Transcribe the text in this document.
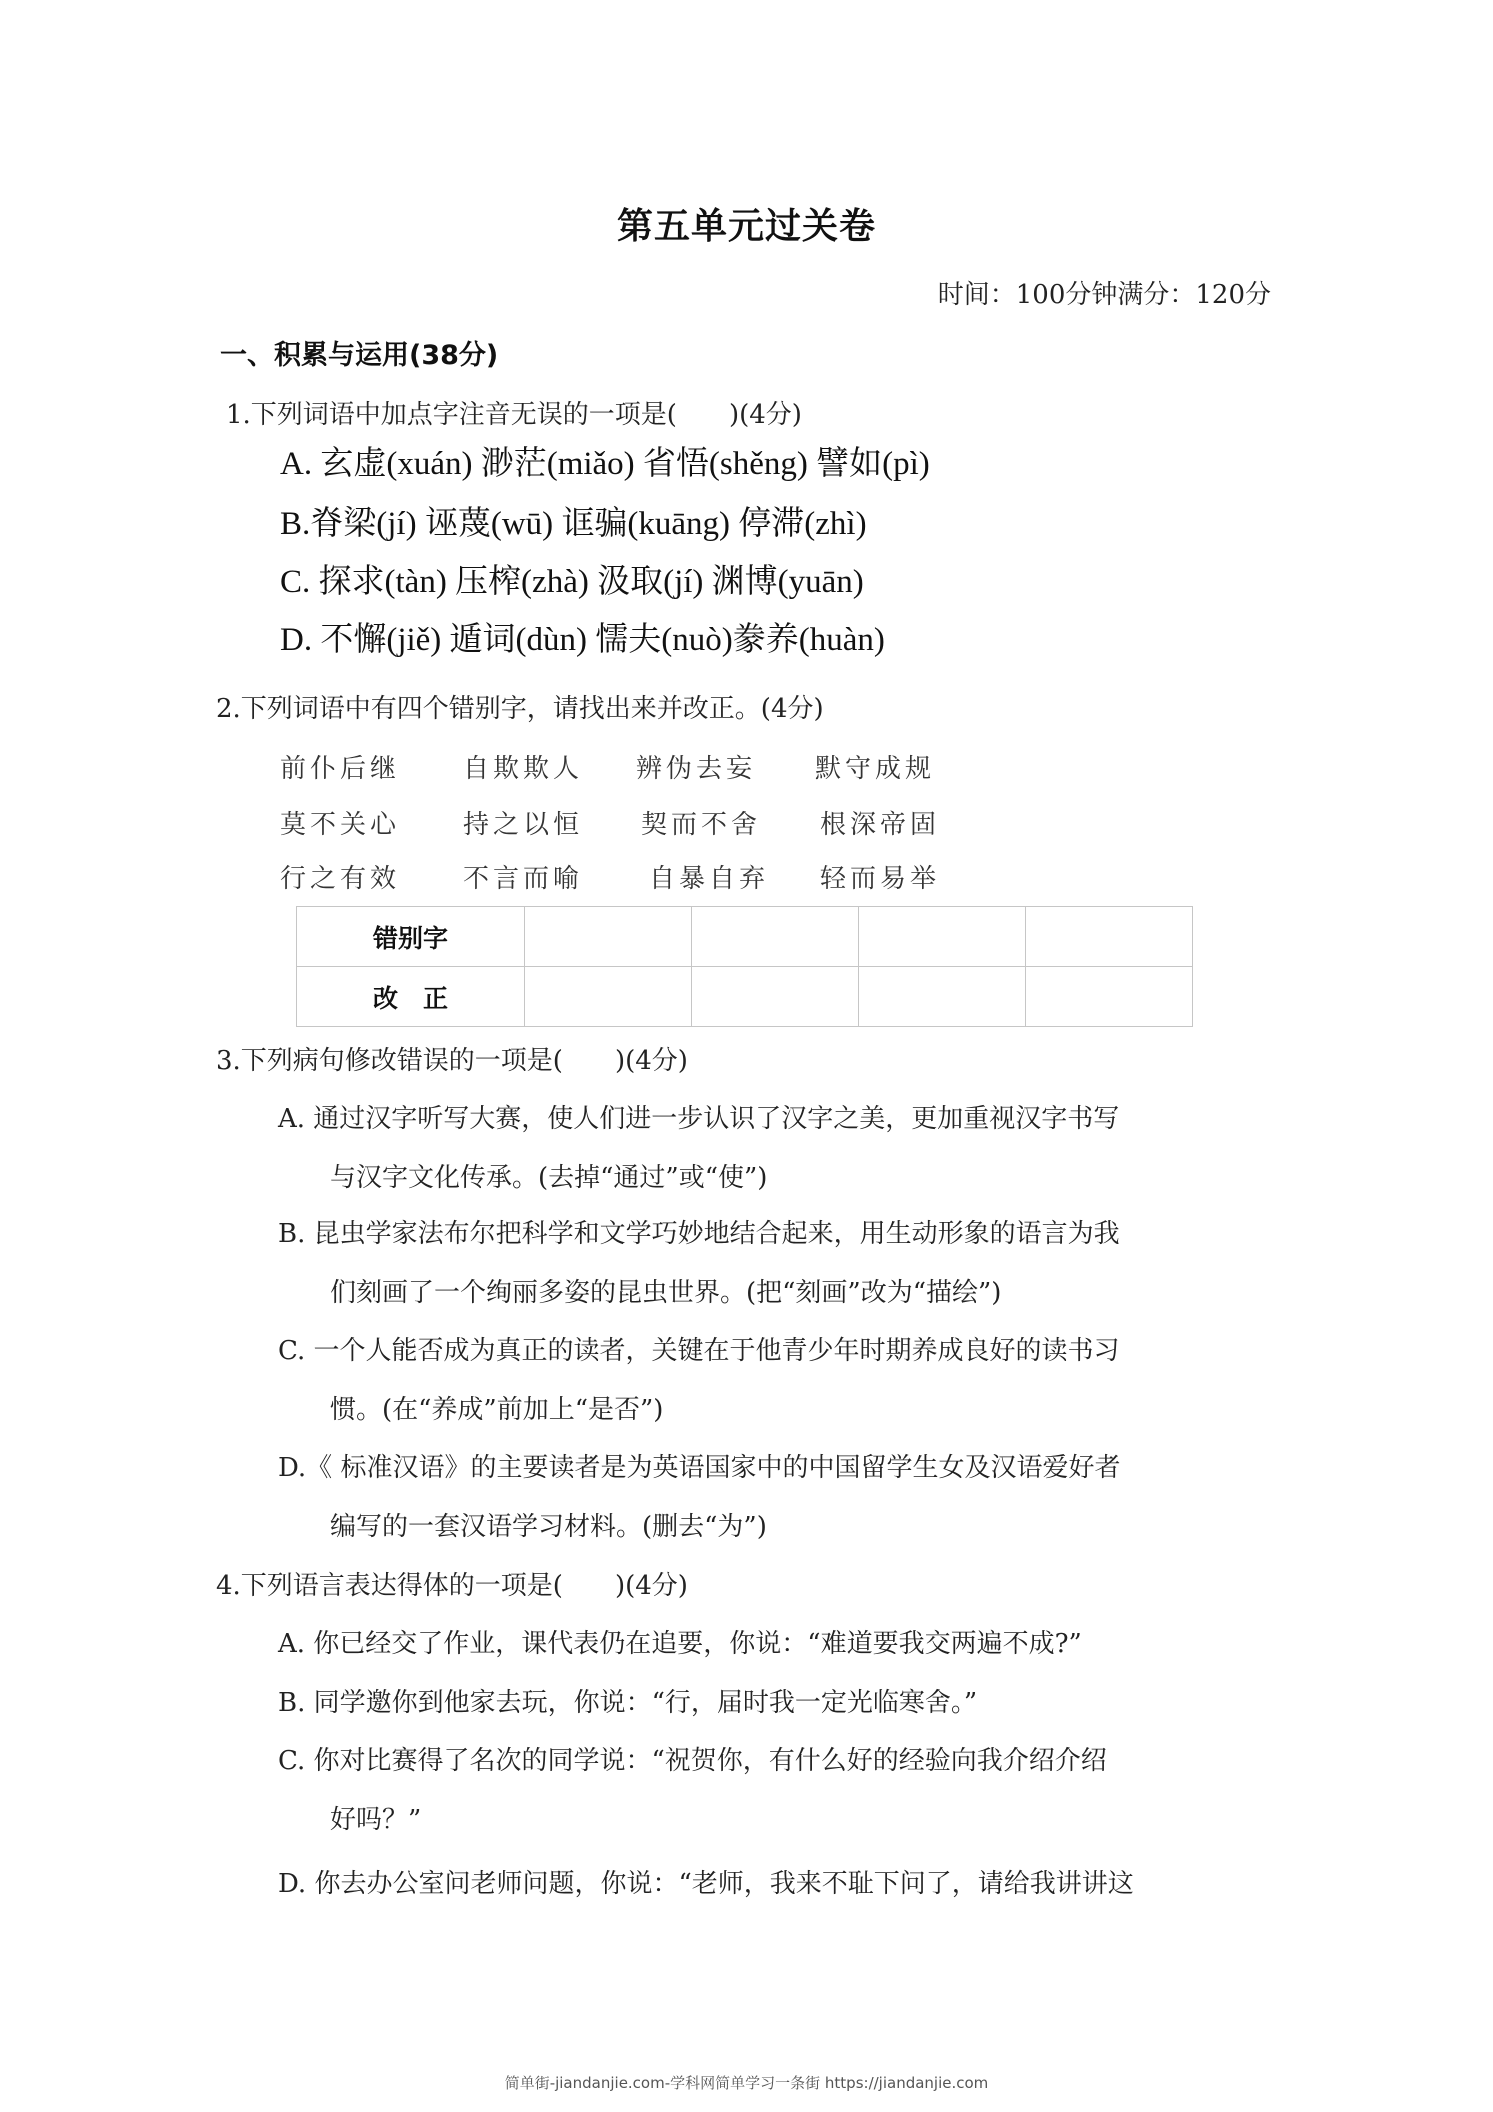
第五单元过关卷
时间：100分钟满分：120分
一、积累与运用(38分)
1.下列词语中加点字注音无误的一项是(　　)(4分)
A. 玄虚(xuán) 渺茫(miǎo) 省悟(shěng) 譬如(pì)
B.脊梁(jí) 诬蔑(wū) 诓骗(kuāng) 停滞(zhì)
C. 探求(tàn) 压榨(zhà) 汲取(jí) 渊博(yuān)
D. 不懈(jiě) 遁词(dùn) 懦夫(nuò)豢养(huàn)
2.下列词语中有四个错别字，请找出来并改正。(4分)
前仆后继 自欺欺人 辨伪去妄 默守成规
莫不关心 持之以恒 契而不舍 根深帝固
行之有效 不言而喻	自暴自弃 轻而易举
错别字				
改　正				
3.下列病句修改错误的一项是(　　)(4分)
A. 通过汉字听写大赛，使人们进一步认识了汉字之美，更加重视汉字书写
与汉字文化传承。(去掉“通过”或“使”)
B. 昆虫学家法布尔把科学和文学巧妙地结合起来，用生动形象的语言为我
们刻画了一个绚丽多姿的昆虫世界。(把“刻画”改为“描绘”)
C. 一个人能否成为真正的读者，关键在于他青少年时期养成良好的读书习
惯。(在“养成”前加上“是否”)
D.《 标准汉语》的主要读者是为英语国家中的中国留学生女及汉语爱好者
编写的一套汉语学习材料。(删去“为”)
4.下列语言表达得体的一项是(　　)(4分)
A. 你已经交了作业，课代表仍在追要，你说：“难道要我交两遍不成?”
B. 同学邀你到他家去玩，你说：“行，届时我一定光临寒舍。”
C. 你对比赛得了名次的同学说：“祝贺你，有什么好的经验向我介绍介绍
好吗？”
D. 你去办公室问老师问题，你说：“老师，我来不耻下问了，请给我讲讲这
简单街-jiandanjie.com-学科网简单学习一条街 https://jiandanjie.com
